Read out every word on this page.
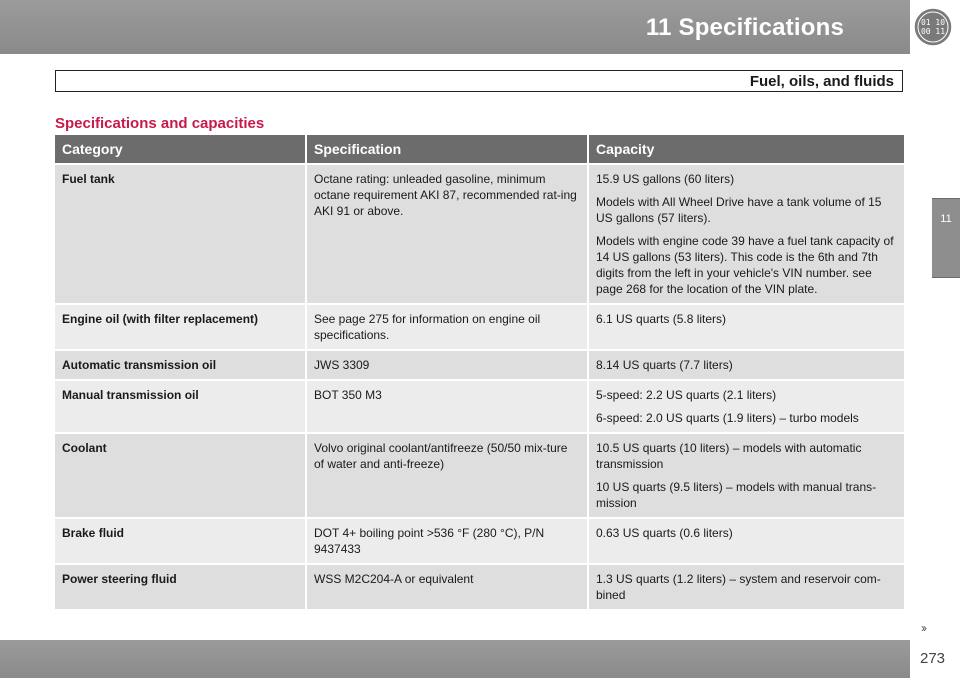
11 Specifications	01 10
00 11
11
Fuel, oils, and fluids
Specifications and capacities
Category	Specification	Capacity
Fuel tank	Octane rating: unleaded gasoline, minimum octane requirement AKI 87, recommended rat-ing AKI 91 or above.	15.9 US gallons (60 liters)

Models with All Wheel Drive have a tank volume of 15 US gallons (57 liters).

Models with engine code 39 have a fuel tank capacity of 14 US gallons (53 liters). This code is the 6th and 7th digits from the left in your vehicle's VIN number. see page 268 for the location of the VIN plate.

Engine oil (with filter replacement)	See page 275 for information on engine oil specifications.	6.1 US quarts (5.8 liters)

Automatic transmission oil	JWS 3309	8.14 US quarts (7.7 liters)

Manual transmission oil	BOT 350 M3	5-speed: 2.2 US quarts (2.1 liters)

6-speed: 2.0 US quarts (1.9 liters) – turbo models

Coolant	Volvo original coolant/antifreeze (50/50 mix-ture of water and anti-freeze)	10.5 US quarts (10 liters) – models with automatic transmission

10 US quarts (9.5 liters) – models with manual trans-mission

Brake fluid	DOT 4+ boiling point >536 °F (280 °C), P/N 9437433	0.63 US quarts (0.6 liters)

Power steering fluid	WSS M2C204-A or equivalent	1.3 US quarts (1.2 liters) – system and reservoir com-bined

››
273
